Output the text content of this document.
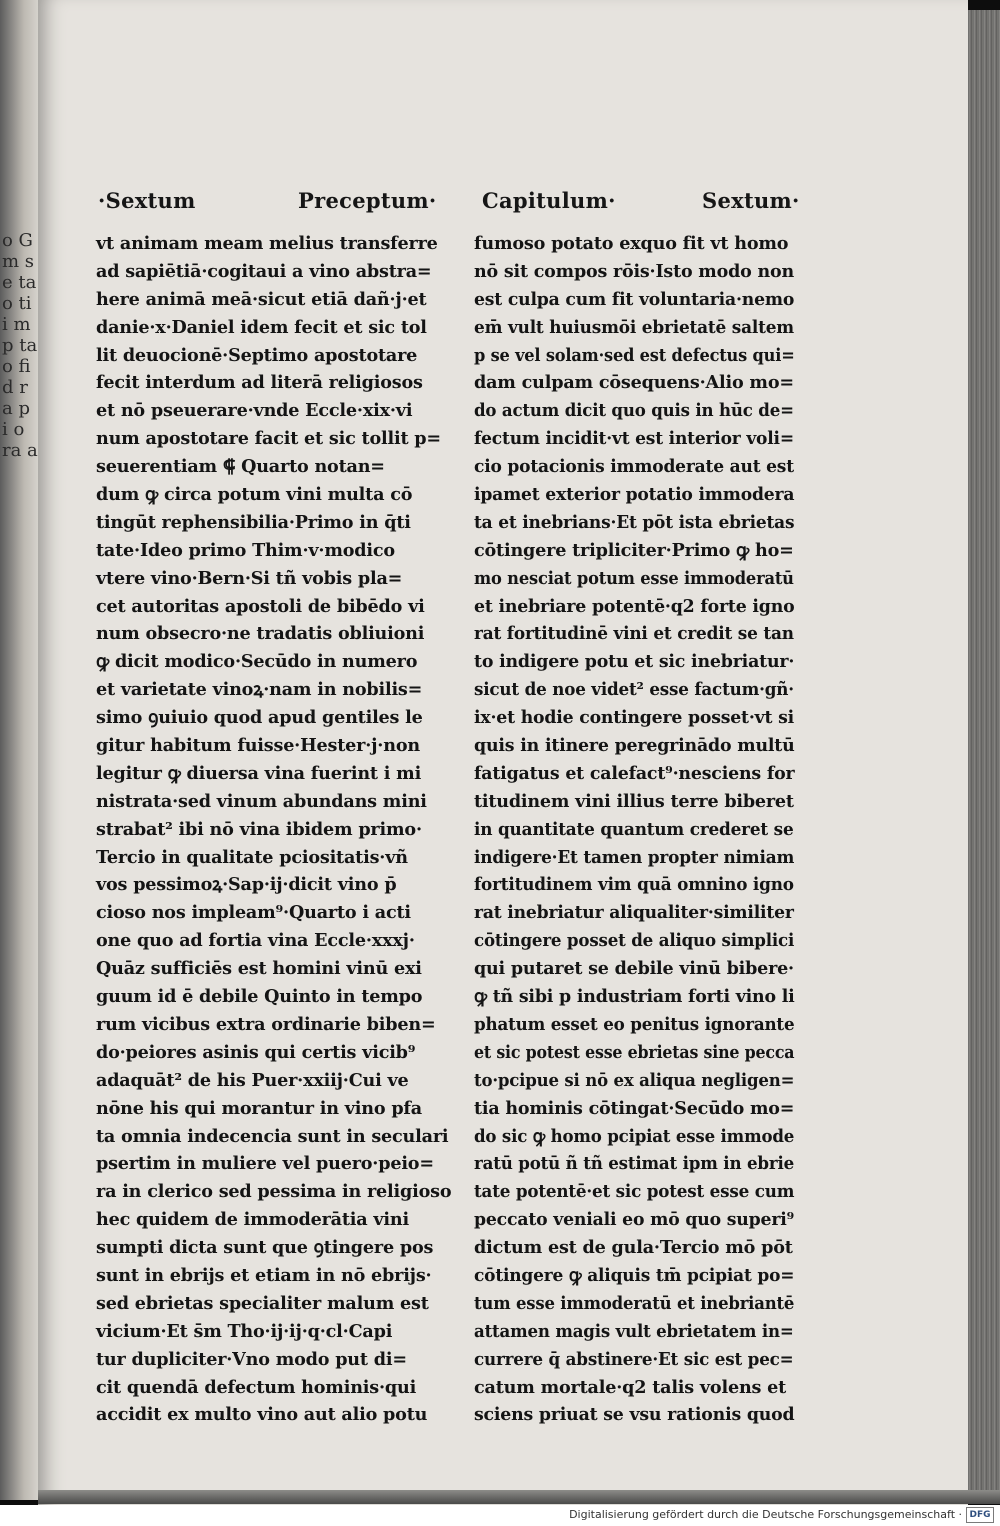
o G m se ta o ti i m p ta o fi d ra p i o ra a
·Sextum	Preceptum· Capitulum·	Sextum·
vt animam meam melius transferre
ad sapiētiā·cogitaui a vino abstra=
here animā meā·sicut etiā dañ·j·et
danie·x·Daniel idem fecit et sic tol
lit deuocionē·Septimo apostotare
fecit interdum ad literā religiosos
et nō pseuerare·vnde Eccle·xix·vi
num apostotare facit et sic tollit p=
seuerentiam ⸿ Quarto notan=
dum ꝙ circa potum vini multa cō
tingūt rephensibilia·Primo in q̄ti
tate·Ideo primo Thim·v·modico
vtere vino·Bern·Si tñ vobis pla=
cet autoritas apostoli de bibēdo vi
num obsecro·ne tradatis obliuioni
ꝙ dicit modico·Secūdo in numero
et varietate vinoꝝ·nam in nobilis=
simo ꝯuiuio quod apud gentiles le
gitur habitum fuisse·Hester·j·non
legitur ꝙ diuersa vina fuerint i mi
nistrata·sed vinum abundans mini
strabat² ibi nō vina ibidem primo·
Tercio in qualitate pciositatis·vñ
vos pessimoꝝ·Sap·ij·dicit vino p̄
cioso nos impleam⁹·Quarto i acti
one quo ad fortia vina Eccle·xxxj·
Quāz sufficiēs est homini vinū exi
guum id ē debile Quinto in tempo
rum vicibus extra ordinarie biben=
do·peiores asinis qui certis vicib⁹
adaquāt² de his Puer·xxiij·Cui ve
nōne his qui morantur in vino pfa
ta omnia indecencia sunt in seculari
psertim in muliere vel puero·peio=
ra in clerico sed pessima in religioso
hec quidem de immoderātia vini
sumpti dicta sunt que ꝯtingere pos
sunt in ebrijs et etiam in nō ebrijs·
sed ebrietas specialiter malum est
vicium·Et s̄m Tho·ij·ij·q·cl·Capi
tur dupliciter·Vno modo put di=
cit quendā defectum hominis·qui
accidit ex multo vino aut alio potu
fumoso potato exquo fit vt homo
nō sit compos rōis·Isto modo non
est culpa cum fit voluntaria·nemo
em̄ vult huiusmōi ebrietatē saltem
p se vel solam·sed est defectus qui=
dam culpam cōsequens·Alio mo=
do actum dicit quo quis in hūc de=
fectum incidit·vt est interior voli=
cio potacionis immoderate aut est
ipamet exterior potatio immodera
ta et inebrians·Et pōt ista ebrietas
cōtingere tripliciter·Primo ꝙ ho=
mo nesciat potum esse immoderatū
et inebriare potentē·q2 forte igno
rat fortitudinē vini et credit se tan
to indigere potu et sic inebriatur·
sicut de noe videt² esse factum·gñ·
ix·et hodie contingere posset·vt si
quis in itinere peregrinādo multū
fatigatus et calefact⁹·nesciens for
titudinem vini illius terre biberet
in quantitate quantum crederet se
indigere·Et tamen propter nimiam
fortitudinem vim quā omnino igno
rat inebriatur aliqualiter·similiter
cōtingere posset de aliquo simplici
qui putaret se debile vinū bibere·
ꝙ tñ sibi p industriam forti vino li
phatum esset eo penitus ignorante
et sic potest esse ebrietas sine pecca
to·pcipue si nō ex aliqua negligen=
tia hominis cōtingat·Secūdo mo=
do sic ꝙ homo pcipiat esse immode
ratū potū ñ tñ estimat ipm in ebrie
tate potentē·et sic potest esse cum
peccato veniali eo mō quo superi⁹
dictum est de gula·Tercio mō pōt
cōtingere ꝙ aliquis tm̄ pcipiat po=
tum esse immoderatū et inebriantē
attamen magis vult ebrietatem in=
currere q̄ abstinere·Et sic est pec=
catum mortale·q2 talis volens et
sciens priuat se vsu rationis quod
Digitalisierung gefördert durch die Deutsche Forschungsgemeinschaft · DFG
